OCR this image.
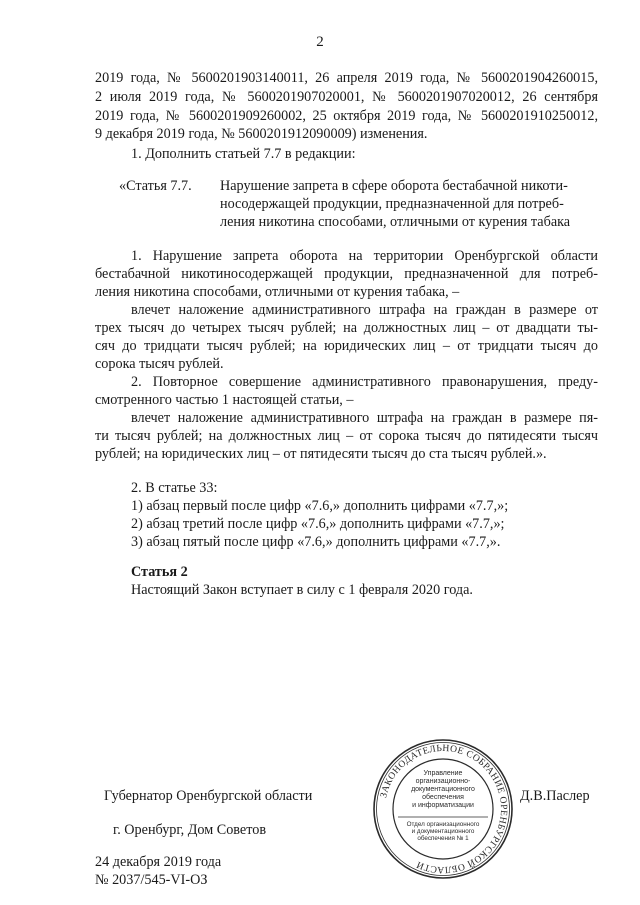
2
2019 года, № 5600201903140011, 26 апреля 2019 года, № 5600201904260015,
2 июля 2019 года, № 5600201907020001, № 5600201907020012, 26 сентября
2019 года, № 5600201909260002, 25 октября 2019 года, № 5600201910250012,
9 декабря 2019 года, № 5600201912090009) изменения.
1. Дополнить статьей 7.7 в редакции:
«Статья 7.7. Нарушение запрета в сфере оборота бестабачной никоти-
носодержащей продукции, предназначенной для потреб-
ления никотина способами, отличными от курения табака
1. Нарушение запрета оборота на территории Оренбургской области
бестабачной никотиносодержащей продукции, предназначенной для потреб-
ления никотина способами, отличными от курения табака, –
влечет наложение административного штрафа на граждан в размере от
трех тысяч до четырех тысяч рублей; на должностных лиц – от двадцати ты-
сяч до тридцати тысяч рублей; на юридических лиц – от тридцати тысяч до
сорока тысяч рублей.
2. Повторное совершение административного правонарушения, преду-
смотренного частью 1 настоящей статьи, –
влечет наложение административного штрафа на граждан в размере пя-
ти тысяч рублей; на должностных лиц – от сорока тысяч до пятидесяти тысяч
рублей; на юридических лиц – от пятидесяти тысяч до ста тысяч рублей.».
2. В статье 33:
1) абзац первый после цифр «7.6,» дополнить цифрами «7.7,»;
2) абзац третий после цифр «7.6,» дополнить цифрами «7.7,»;
3) абзац пятый после цифр «7.6,» дополнить цифрами «7.7,».
Статья 2
Настоящий Закон вступает в силу с 1 февраля 2020 года.
Губернатор Оренбургской области	Д.В.Паслер
г. Оренбург, Дом Советов
24 декабря 2019 года
№ 2037/545-VI-ОЗ
ЗАКОНОДАТЕЛЬНОЕ СОБРАНИЕ ОРЕНБУРГСКОЙ ОБЛАСТИ
Управление
организационно-
документационного
обеспечения
и информатизации
Отдел организационного
и документационного
обеспечения № 1
